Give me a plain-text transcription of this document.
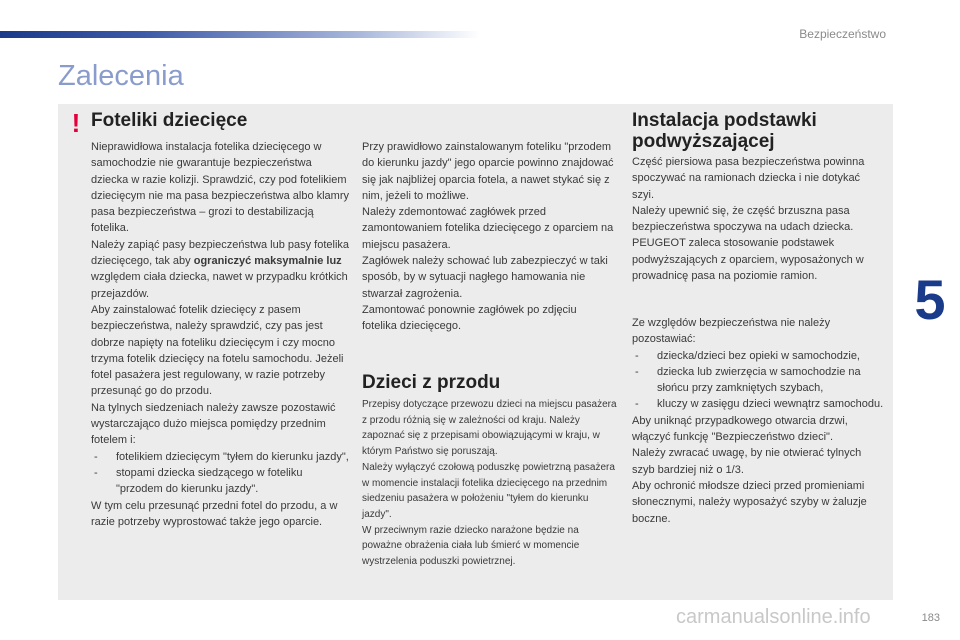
Bezpieczeństwo
Zalecenia
! Foteliki dziecięce

Nieprawidłowa instalacja fotelika dziecięcego w samochodzie nie gwarantuje bezpieczeństwa dziecka w razie kolizji. Sprawdzić, czy pod fotelikiem dziecięcym nie ma pasa bezpieczeństwa albo klamry pasa bezpieczeństwa – grozi to destabilizacją fotelika.

Należy zapiąć pasy bezpieczeństwa lub pasy fotelika dziecięcego, tak aby ograniczyć maksymalnie luz względem ciała dziecka, nawet w przypadku krótkich przejazdów.

Aby zainstalować fotelik dziecięcy z pasem bezpieczeństwa, należy sprawdzić, czy pas jest dobrze napięty na foteliku dziecięcym i czy mocno trzyma fotelik dziecięcy na fotelu samochodu. Jeżeli fotel pasażera jest regulowany, w razie potrzeby przesunąć go do przodu.

Na tylnych siedzeniach należy zawsze pozostawić wystarczająco dużo miejsca pomiędzy przednim fotelem i:

- fotelikiem dziecięcym "tyłem do kierunku jazdy",

- stopami dziecka siedzącego w foteliku "przodem do kierunku jazdy".

W tym celu przesunąć przedni fotel do przodu, a w razie potrzeby wyprostować także jego oparcie.

Przy prawidłowo zainstalowanym foteliku "przodem do kierunku jazdy" jego oparcie powinno znajdować się jak najbliżej oparcia fotela, a nawet stykać się z nim, jeżeli to możliwe.

Należy zdemontować zagłówek przed zamontowaniem fotelika dziecięcego z oparciem na miejscu pasażera.

Zagłówek należy schować lub zabezpieczyć w taki sposób, by w sytuacji nagłego hamowania nie stwarzał zagrożenia.

Zamontować ponownie zagłówek po zdjęciu fotelika dziecięcego.

Dzieci z przodu

Przepisy dotyczące przewozu dzieci na miejscu pasażera z przodu różnią się w zależności od kraju. Należy zapoznać się z przepisami obowiązującymi w kraju, w którym Państwo się poruszają.

Należy wyłączyć czołową poduszkę powietrzną pasażera w momencie instalacji fotelika dziecięcego na przednim siedzeniu pasażera w położeniu "tyłem do kierunku jazdy".

W przeciwnym razie dziecko narażone będzie na poważne obrażenia ciała lub śmierć w momencie wystrzelenia poduszki powietrznej.

Instalacja podstawki podwyższającej

Część piersiowa pasa bezpieczeństwa powinna spoczywać na ramionach dziecka i nie dotykać szyi.

Należy upewnić się, że część brzuszna pasa bezpieczeństwa spoczywa na udach dziecka.

PEUGEOT zaleca stosowanie podstawek podwyższających z oparciem, wyposażonych w prowadnicę pasa na poziomie ramion.

Ze względów bezpieczeństwa nie należy pozostawiać:

- dziecka/dzieci bez opieki w samochodzie,

- dziecka lub zwierzęcia w samochodzie na słońcu przy zamkniętych szybach,

- kluczy w zasięgu dzieci wewnątrz samochodu.

Aby uniknąć przypadkowego otwarcia drzwi, włączyć funkcję "Bezpieczeństwo dzieci".

Należy zwracać uwagę, by nie otwierać tylnych szyb bardziej niż o 1/3.

Aby ochronić młodsze dzieci przed promieniami słonecznymi, należy wyposażyć szyby w żaluzje boczne.

5
carmanualsonline.info	183
